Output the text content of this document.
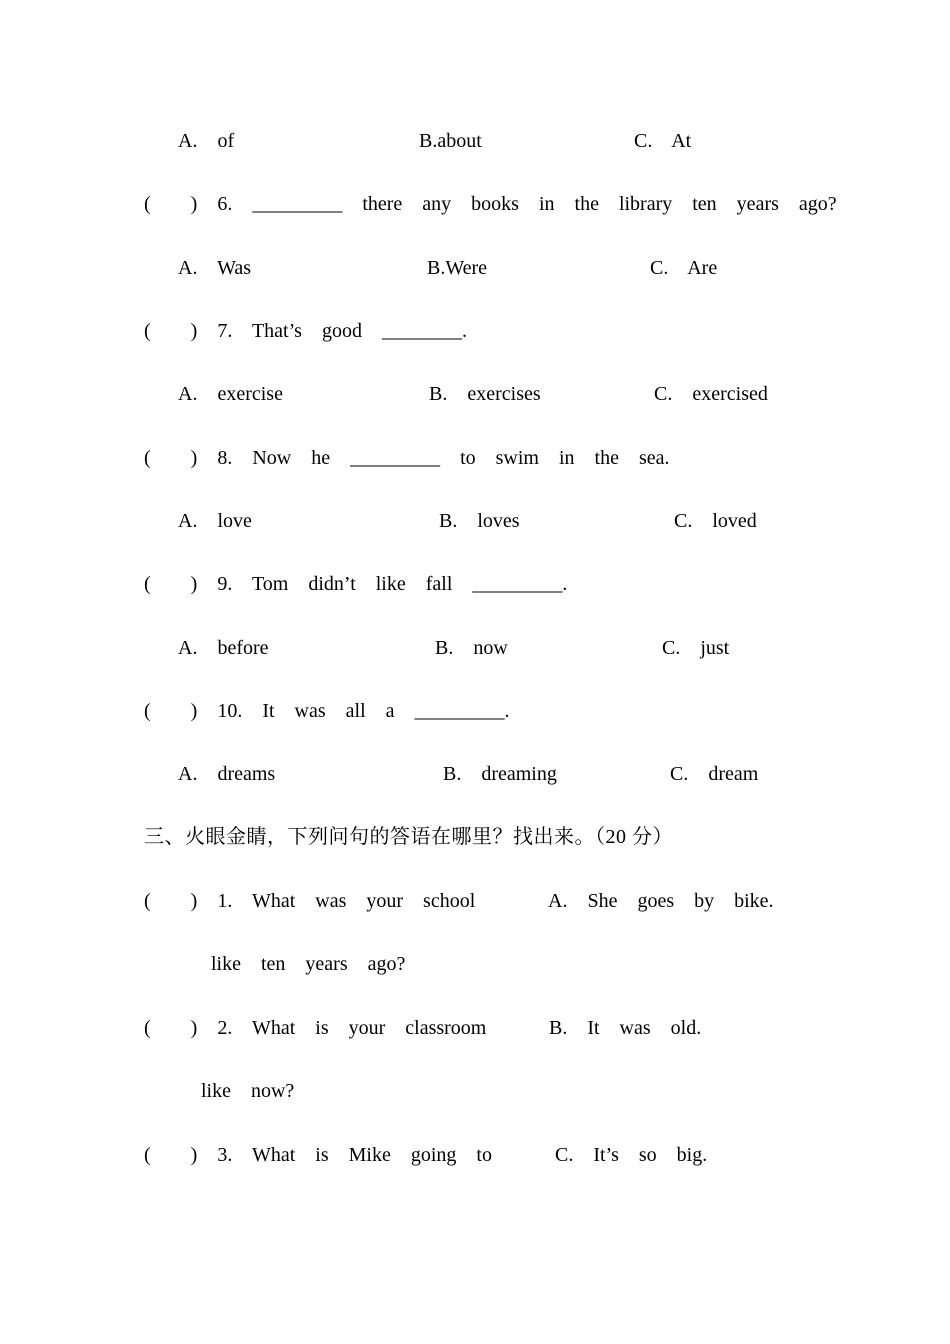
A.  of	B.about	C.  At
(    )  6.  _________  there  any  books  in  the  library  ten  years  ago?
A.  Was	B.Were	C.  Are
(    )  7.  That’s  good  ________.
A.  exercise	B.  exercises	C.  exercised
(    )  8.  Now  he  _________  to  swim  in  the  sea.
A.  love	B.  loves	C.  loved
(    )  9.  Tom  didn’t  like  fall  _________.
A.  before	B.  now	C.  just
(    )  10.  It  was  all  a  _________.
A.  dreams	B.  dreaming	C.  dream
三、火眼金睛，下列问句的答语在哪里？找出来。（20 分）
(    )  1.  What  was  your  school	A.  She  goes  by  bike.
like  ten  years  ago?
(    )  2.  What  is  your  classroom	B.  It  was  old.
like  now?
(    )  3.  What  is  Mike  going  to	C.  It’s  so  big.
